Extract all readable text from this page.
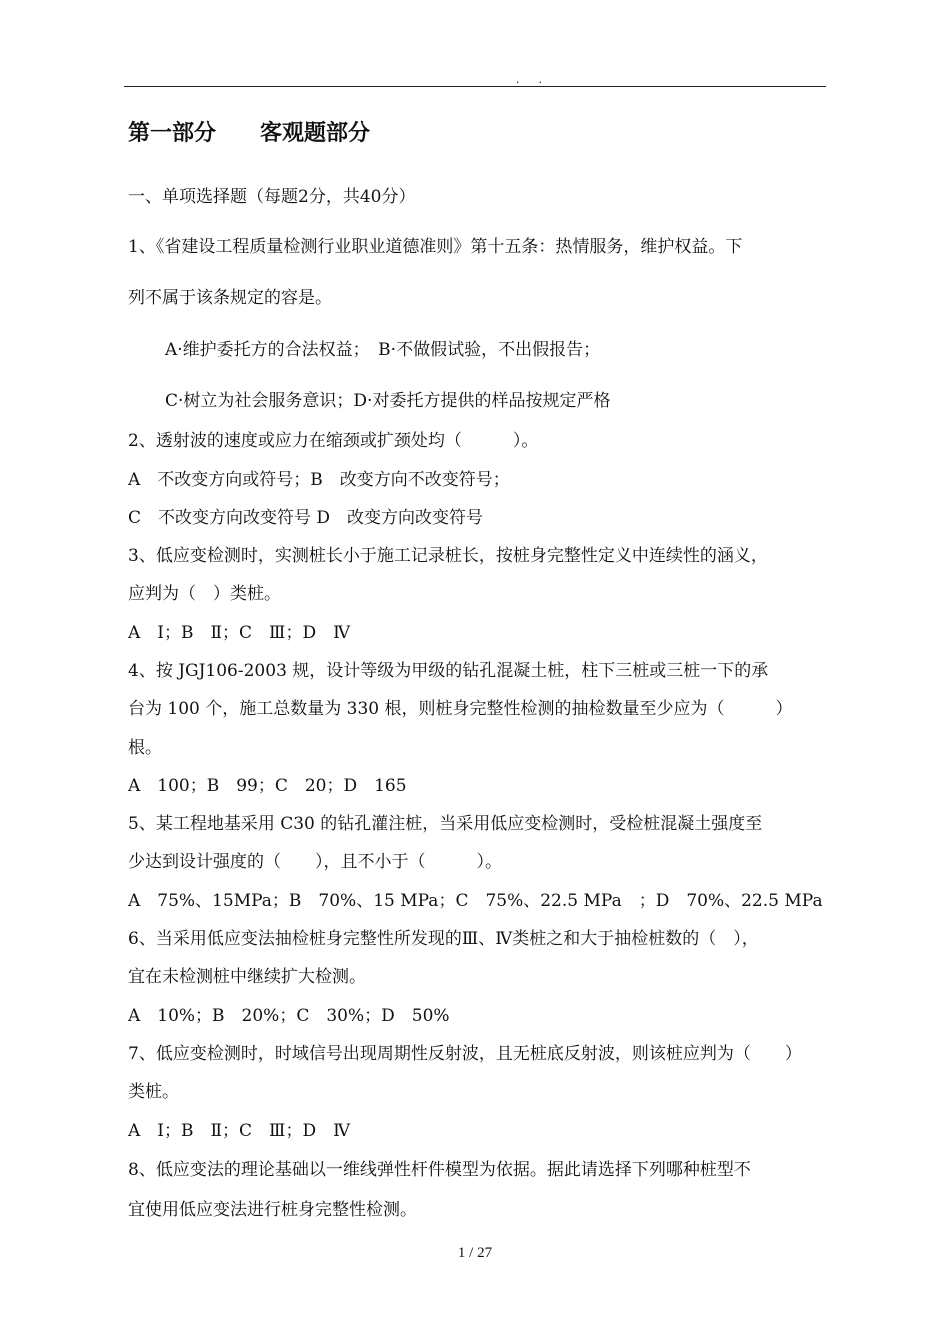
. .
第一部分　　客观题部分
一、单项选择题（每题2分，共40分）
1、《省建设工程质量检测行业职业道德准则》第十五条：热情服务，维护权益。下
列不属于该条规定的容是。
A·维护委托方的合法权益；　B·不做假试验，不出假报告；
C·树立为社会服务意识；D·对委托方提供的样品按规定严格
2、透射波的速度或应力在缩颈或扩颈处均（　　　）。
A　不改变方向或符号；B　改变方向不改变符号；
C　不改变方向改变符号 D　改变方向改变符号
3、低应变检测时，实测桩长小于施工记录桩长，按桩身完整性定义中连续性的涵义，
应判为（　）类桩。
A　Ⅰ；B　Ⅱ；C　Ⅲ；D　Ⅳ
4、按 JGJ106-2003 规，设计等级为甲级的钻孔混凝土桩，柱下三桩或三桩一下的承
台为 100 个，施工总数量为 330 根，则桩身完整性检测的抽检数量至少应为（　　　）
根。
A　100；B　99；C　20；D　165
5、某工程地基采用 C30 的钻孔灌注桩，当采用低应变检测时，受检桩混凝土强度至
少达到设计强度的（　　），且不小于（　　　）。
A　75%、15MPa；B　70%、15 MPa；C　75%、22.5 MPa　；D　70%、22.5 MPa
6、当采用低应变法抽检桩身完整性所发现的Ⅲ、Ⅳ类桩之和大于抽检桩数的（　），
宜在未检测桩中继续扩大检测。
A　10%；B　20%；C　30%；D　50%
7、低应变检测时，时域信号出现周期性反射波，且无桩底反射波，则该桩应判为（　　）
类桩。
A　Ⅰ；B　Ⅱ；C　Ⅲ；D　Ⅳ
8、低应变法的理论基础以一维线弹性杆件模型为依据。据此请选择下列哪种桩型不
宜使用低应变法进行桩身完整性检测。
1 / 27
